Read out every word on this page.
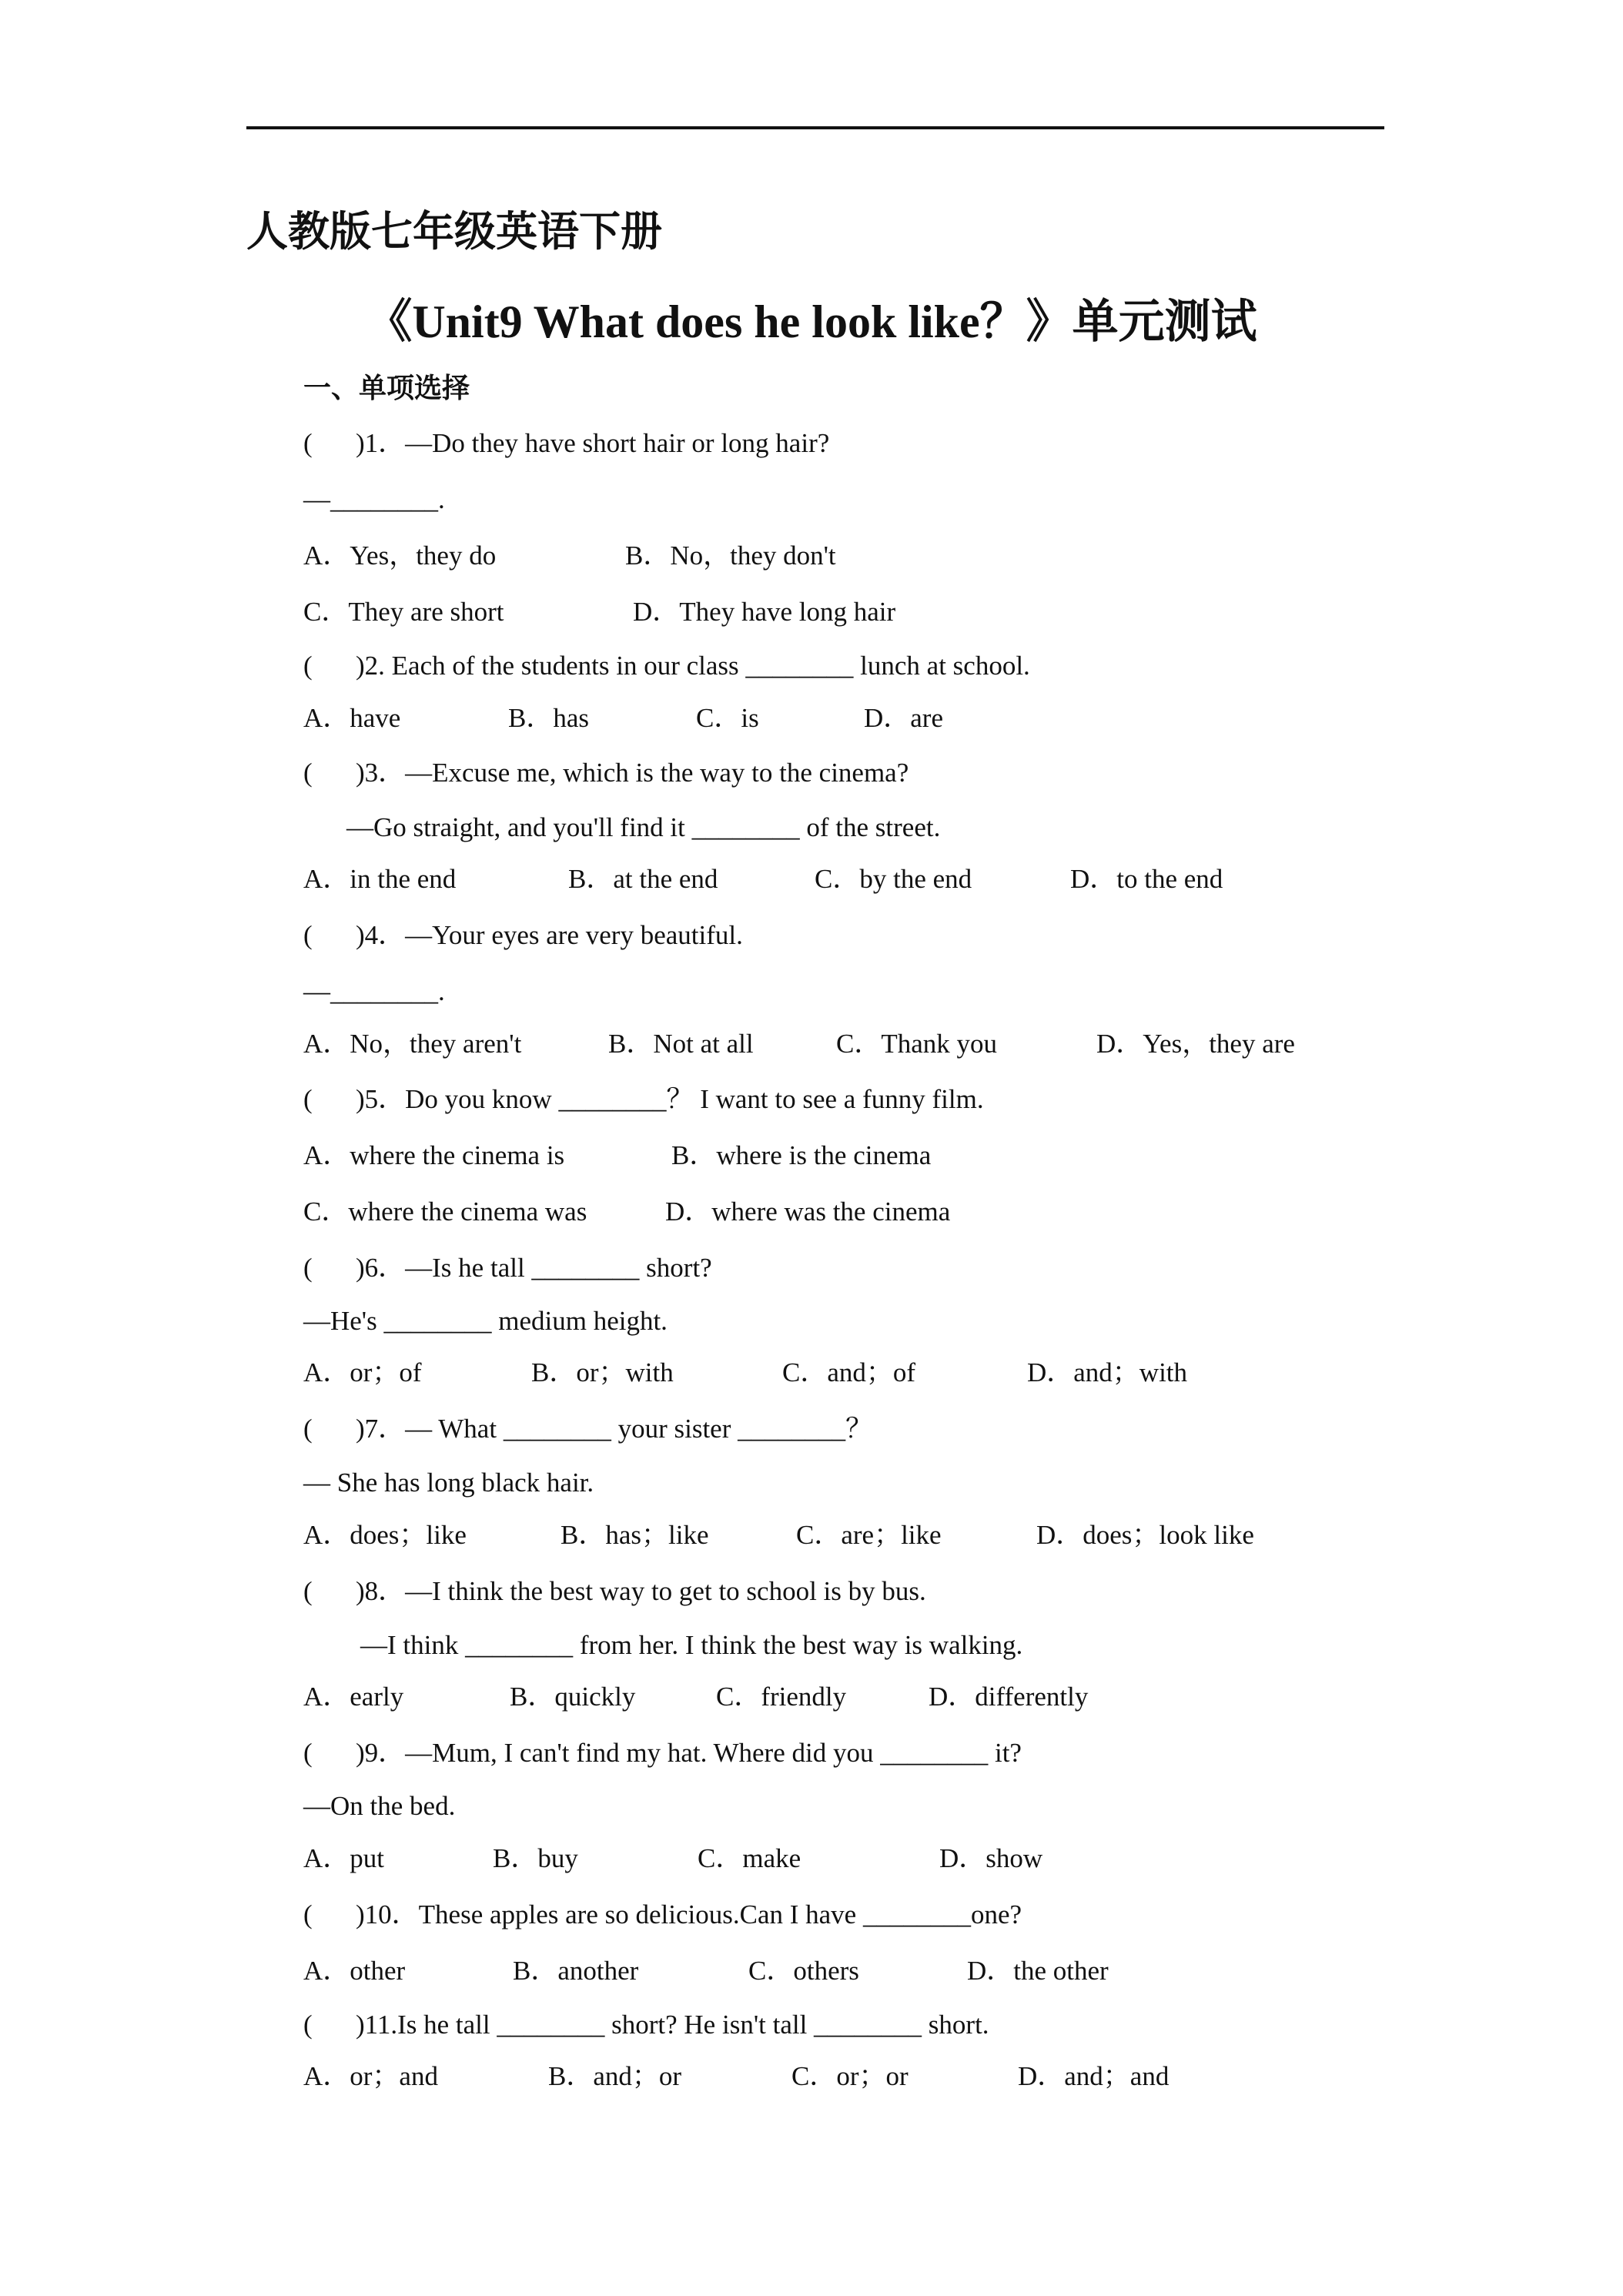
人教版七年级英语下册
《Unit9 What does he look like？》单元测试
一、单项选择
( )1．—Do they have short hair or long hair?
—________.
A．Yes，they do	B．No，they don't
C．They are short	D．They have long hair
( )2. Each of the students in our class ________ lunch at school.
A．have	B．has	C．is	D．are
( )3．—Excuse me, which is the way to the cinema?
—Go straight, and you'll find it ________ of the street.
A．in the end	B．at the end	C．by the end	D．to the end
( )4．—Your eyes are very beautiful.
—________.
A．No，they aren't	B．Not at all	C．Thank you	D．Yes，they are
( )5．Do you know ________？ I want to see a funny film.
A．where the cinema is	B．where is the cinema
C．where the cinema was	D．where was the cinema
( )6．—Is he tall ________ short?
—He's ________ medium height.
A．or；of	B．or；with	C．and；of	D．and；with
( )7．— What ________ your sister ________？
— She has long black hair.
A．does；like	B．has；like	C．are；like	D．does；look like
( )8．—I think the best way to get to school is by bus.
—I think ________ from her. I think the best way is walking.
A．early	B．quickly	C．friendly	D．differently
( )9．—Mum, I can't find my hat. Where did you ________ it?
—On the bed.
A．put	B．buy	C．make	D．show
( )10．These apples are so delicious.Can I have ________one?
A．other	B．another	C．others	D．the other
( )11.Is he tall ________ short? He isn't tall ________ short.
A．or；and	B．and；or	C．or；or	D．and；and
